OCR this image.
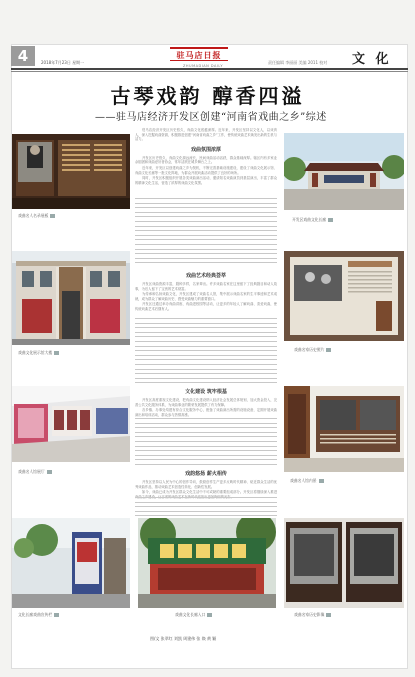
4	2018年7月23日 星期一
驻马店日报
ZHUMADIAN DAILY
责任编辑 李丽丽 美编 2011 校对 文 化
古琴戏韵 醇香四溢
——驻马店经济开发区创建“河南省戏曲之乡”综述
戏曲名人名录展板
戏曲文化展示馆大楼
戏曲名人馆展厅
文化长廊戏曲宣传栏

驻马店经济开发区历史悠久，戏曲文化底蕴深厚。近年来，开发区坚持以文化人，以戏育人，深入挖掘戏曲资源，积极推进创建“河南省戏曲之乡”工作，使传统戏曲艺术焕发出新的生机与活力。

戏曲氛围浓厚

开发区历史悠久，戏曲文化源远流长，民间戏曲活动活跃，群众基础深厚。辖区内有多家业余剧团和戏曲爱好者协会，常年活跃在城乡舞台之上。

近年来，开发区以创建戏曲之乡为契机，不断完善基础设施建设，建设了戏曲文化展示馆、戏曲文化长廊等一批文化阵地，为群众开展戏曲活动提供了良好的场所。

同时，开发区积极组织开展各类戏曲演出活动，邀请知名戏曲演员到基层演出，丰富了群众的精神文化生活，营造了浓厚的戏曲文化氛围。

戏曲艺术经典荟萃

开发区戏曲资源丰富，剧种多样，名家辈出。许多戏曲名家在这里留下了经典剧目和动人故事，为后人留下了宝贵的艺术财富。

为传承和弘扬戏曲文化，开发区建成了戏曲名人馆，集中展示戏曲名家的生平事迹和艺术成就，成为群众了解戏曲历史、感受戏曲魅力的重要窗口。

开发区还通过举办戏曲讲座、戏曲进校园等活动，让更多的年轻人了解戏曲、喜爱戏曲，使传统戏曲艺术后继有人。

文化建设 筑牢根基

开发区高度重视文化建设，把戏曲文化建设纳入经济社会发展总体规划，加大资金投入，完善公共文化服务体系，为戏曲事业的繁荣发展提供了有力保障。

各乡镇、办事处均建有综合文化服务中心，配备了戏曲演出所需的设施设备，定期开展戏曲演出和培训活动，群众参与热情高涨。

戏韵悠扬 薪火相传

开发区坚持以人民为中心的创作导向，鼓励创作生产更多反映时代精神、贴近群众生活的优秀戏曲作品，推动戏曲艺术创造性转化、创新性发展。

如今，戏曲已成为开发区群众文化生活中不可或缺的重要组成部分。开发区将继续深入推进

戏曲文化长廊入口
开发区戏曲文化长廊
戏曲名家历史照片
戏曲名人馆内景
戏曲名家历史影像
图/文 张翠红 刘凯 周建伟 张 焕 黄 颖
